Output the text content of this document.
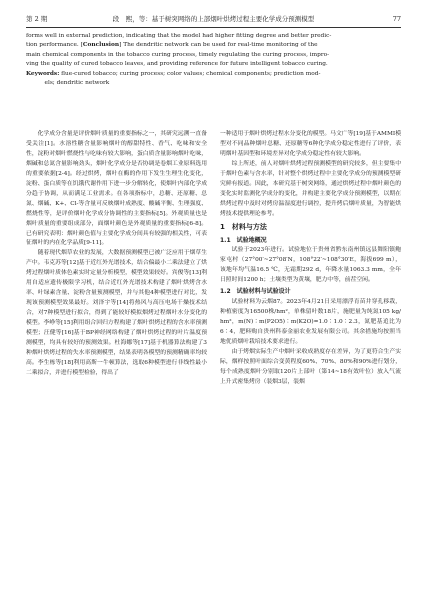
第 2 期	段　熙，等：基于树突网络的上部烟叶烘烤过程主要化学成分预测模型	77

forms well in external prediction, indicating that the model had higher fitting degree and better predic-

tion performance. [Conclusion] The dendritic network can be used for real-time monitoring of the

main chemical components in the tobacco curing process, timely regulating the curing process, impro-

ving the quality of cured tobacco leaves, and providing reference for future intelligent tobacco curing.

Keywords: flue-cured tobacco; curing process; color values; chemical components; prediction mod-

els; dendritic network

化学成分含量是评价烟叶质量的重要指标之一，其研究远溯一直备受关注[1]。水溶性糖含量影响烟叶的醇甜特性、香气、吃味和安全性，淀粉对烟叶燃烧性与吃味有较大影响，蛋白质含量影响烟叶吃味，烟碱和总氮含量影响劲头，烟叶化学成分是否协调是卷烟工业原料选用的重要依据[2-4]。经过烘烤，烟叶在酶的作用下发生生理生化变化，淀粉、蛋白质等在饥饿代谢作用下进一步分解转化，使烟叶内部化学成分趋于协调，从而满足工业需求。在各项指标中，总糖、还原糖、总氮、烟碱、K+、Cl-等含量可反映烟叶成熟度、酸碱平衡、生理强度、燃烧性等，是评价烟叶化学成分协调性的主要指标[5]。外观质量也是烟叶质量的重要组成部分，面烟叶颜色是外观质量的重要指标[6-8]。已有研究表明：烟叶颜色值与主要化学成分间具有较强的相关性，可表征烟叶的内在化学品质[9-11]。

随着现代烟草农业的发展，大数据预测模型已被广泛应用于烟草生产中。韦克苏等[12]基于近红外光谱技术，结合偏最小二乘法建立了烘烤过程烟叶质体色素实时定量分析模型，模型效果较好。宾俊等[13]利用自适应遗传极限学习机，结合近红外光谱技术构建了烟叶烘烤含水率、叶绿素含量、淀粉含量预测模型，并与其他4种模型进行对比，发现该预测模型效果最好。刘泽宇等[14]将热风与高压电场干燥技术结合，对7种模型进行拟合，得到了能较好模拟烟烤过程烟叶水分变化的模型。李峥等[15]利用组合回归方程构建了烟叶烘烤过程的含水率预测模型；汪健等[16]基于BP神经网络构建了烟叶烘烤过程的叶片温度预测模型，均具有较好的预测效果。杜海娜等[17]基于机器算法构建了3种烟叶烘烤过程的失水率预测模型，结果表明各模型的预测精确率均较高。李生栋等[18]利用高斯一牛顿算法，选取6种模型进行非线性最小二乘拟合，并进行模型检验，得出了

一种适用于烟叶烘烤过程水分变化的模型。马文广等[19]基于AMMI模型对不同品种烟叶总糖、还原糖等6种化学成分稳定性进行了评价，表明烟叶基因型和环境差异对化学成分稳定性有较大影响。

综上所述，前人对烟叶烘烤过程预测模型的研究较多，但主要集中于烟叶色素与含水率，针对整个烘烤过程中主要化学成分的预测模型研究鲜有报道。因此，本研究基于树突网络，通过烘烤过程中烟叶颜色的变化实时监测化学成分的变化，并构建主要化学成分预测模型，以期在烘烤过程中及时对烤房温湿度进行调控，提升烤后烟叶质量，为智能烘烤技术提供理论参考。

1　材料与方法
1.1　试验地概况

试验于2023年进行。试验地位于贵州省黔东南州镇远县舞阳镇鲍家屯村（27°00′~27°08′N，108°22′~108°30′E，海拔699 m），该地年均气温16.5 ℃，无霜期292 d，年降水量1063.3 mm，全年日照时间1200 h；土壤类型为黄壤，肥力中等，前茬空闲。

1.2　试验材料与试验设计

试验材料为云烟87。2023年4月21日采用漂浮育苗井穿孔移栽，种植密度为16500株/hm²，单株留叶数18片，施肥量为纯氮105 kg/hm²，m(N)∶m(P2O5)∶m(K2O)=1.0∶1.0∶2.3，氮肥基追比为6∶4，肥料购自贵州科泰金丽农业发展有限公司。其余措施均按照当地优质烟叶栽培技术要求进行。

由于烤烟实际生产中烟叶采收成熟度存在差异，为了更符合生产实际，烟样按照叶面综合变黄程度60%、70%、80%和90%进行划分，每个成熟度烟叶分别取120片上部叶（第14~18有效叶位）放入气流上升式密集烤房（装烟3层，装烟
